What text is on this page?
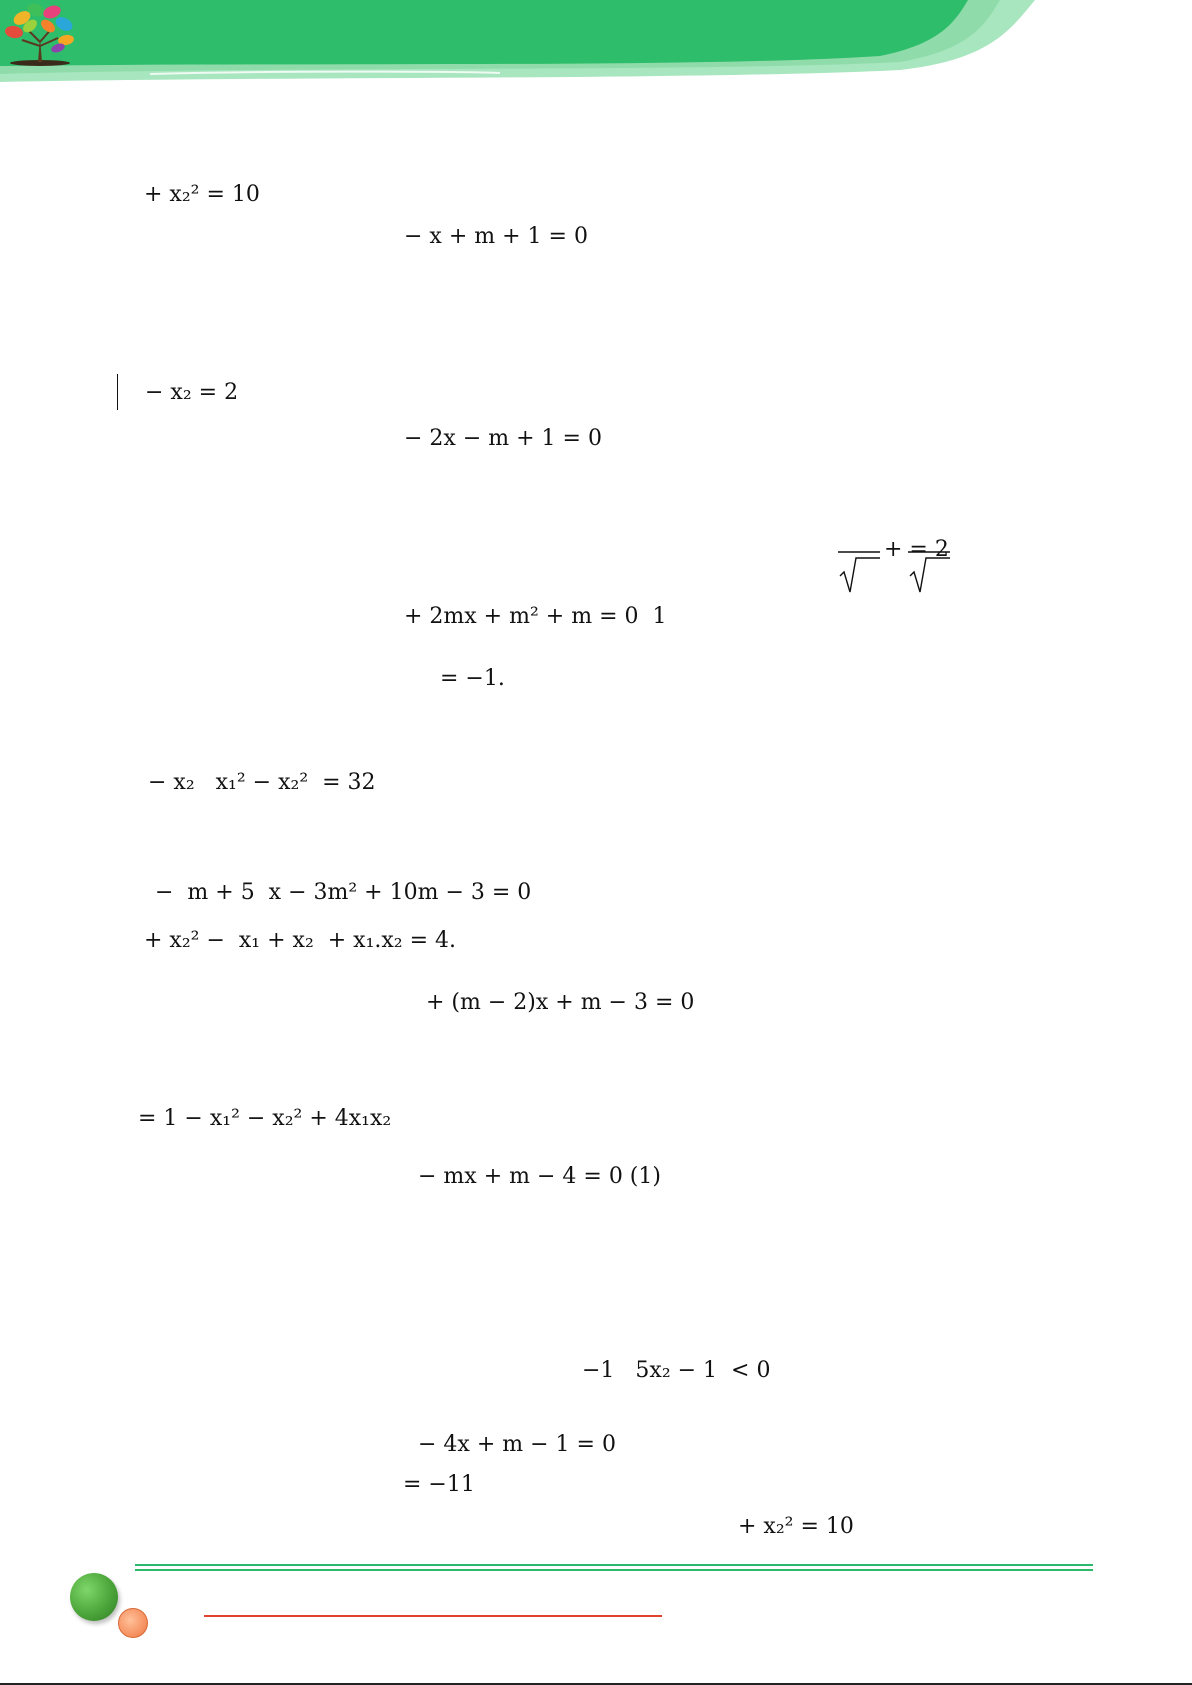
+ x₂² = 10
− x + m + 1 = 0
− x₂ = 2
− 2x − m + 1 = 0
+ = 2
+ 2mx + m² + m = 0  1
= −1.
− x₂   x₁² − x₂²  = 32
−  m + 5  x − 3m² + 10m − 3 = 0
+ x₂² −  x₁ + x₂  + x₁.x₂ = 4.
+ (m − 2)x + m − 3 = 0
= 1 − x₁² − x₂² + 4x₁x₂
− mx + m − 4 = 0 (1)
−1   5x₂ − 1  < 0
− 4x + m − 1 = 0
= −11
+ x₂² = 10
